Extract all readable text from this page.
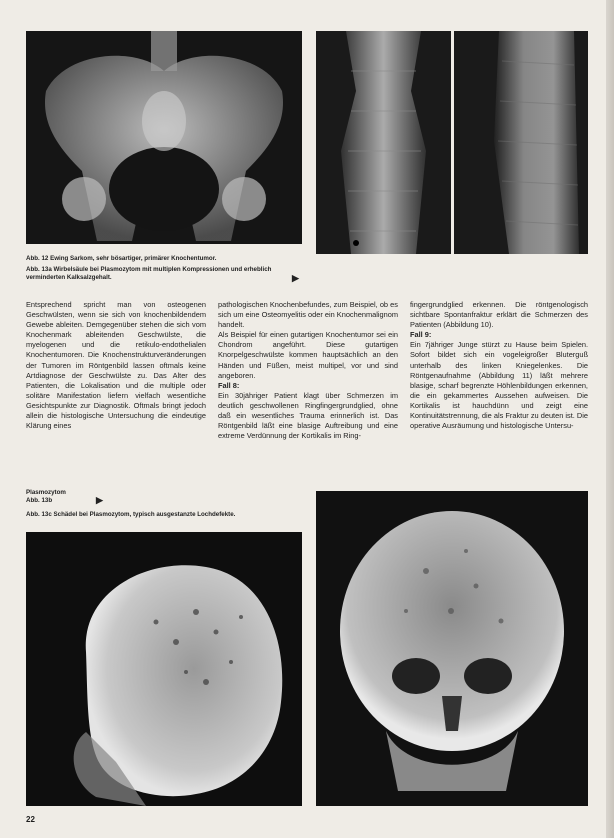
Abb. 12 Ewing Sarkom, sehr bösartiger, primärer Knochentumor.
Abb. 13a Wirbelsäule bei Plasmozytom mit multiplen Kompressionen und erheblich verminderten Kalksalzgehalt.	▶

Entsprechend spricht man von osteogenen Geschwülsten, wenn sie sich von knochenbildendem Gewebe ableiten. Demgegenüber stehen die sich vom Knochenmark ableitenden Geschwülste, die myelogenen und die retikulo-endothelialen Knochentumoren. Die Knochenstrukturveränderungen der Tumoren im Röntgenbild lassen oftmals keine Artdiagnose der Geschwülste zu. Das Alter des Patienten, die Lokalisation und die multiple oder solitäre Manifestation liefern vielfach wesentliche Gesichtspunkte zur Diagnostik. Oftmals bringt jedoch allein die histologische Untersuchung die eindeutige Klärung eines

pathologischen Knochenbefundes, zum Beispiel, ob es sich um eine Osteomyelitis oder ein Knochenmalignom handelt.

Als Beispiel für einen gutartigen Knochentumor sei ein Chondrom angeführt. Diese gutartigen Knorpelgeschwülste kommen hauptsächlich an den Händen und Füßen, meist multipel, vor und sind angeboren.

Fall 8:

Ein 30jähriger Patient klagt über Schmerzen im deutlich geschwollenen Ringfingergrundglied, ohne daß ein wesentliches Trauma erinnerlich ist. Das Röntgenbild läßt eine blasige Auftreibung und eine extreme Verdünnung der Kortikalis im Ring-

fingergrundglied erkennen. Die röntgenologisch sichtbare Spontanfraktur erklärt die Schmerzen des Patienten (Abbildung 10).

Fall 9:

Ein 7jähriger Junge stürzt zu Hause beim Spielen. Sofort bildet sich ein vogeleigroßer Bluterguß unterhalb des linken Kniegelenkes. Die Röntgenaufnahme (Abbildung 11) läßt mehrere blasige, scharf begrenzte Höhlenbildungen erkennen, die ein gekammertes Aussehen aufweisen. Die Kortikalis ist hauchdünn und zeigt eine Kontinuitätstrennung, die als Fraktur zu deuten ist. Die operative Ausräumung und histologische Untersu-

Plasmozytom
Abb. 13b	▶
Abb. 13c Schädel bei Plasmozytom, typisch ausgestanzte Lochdefekte.
22
